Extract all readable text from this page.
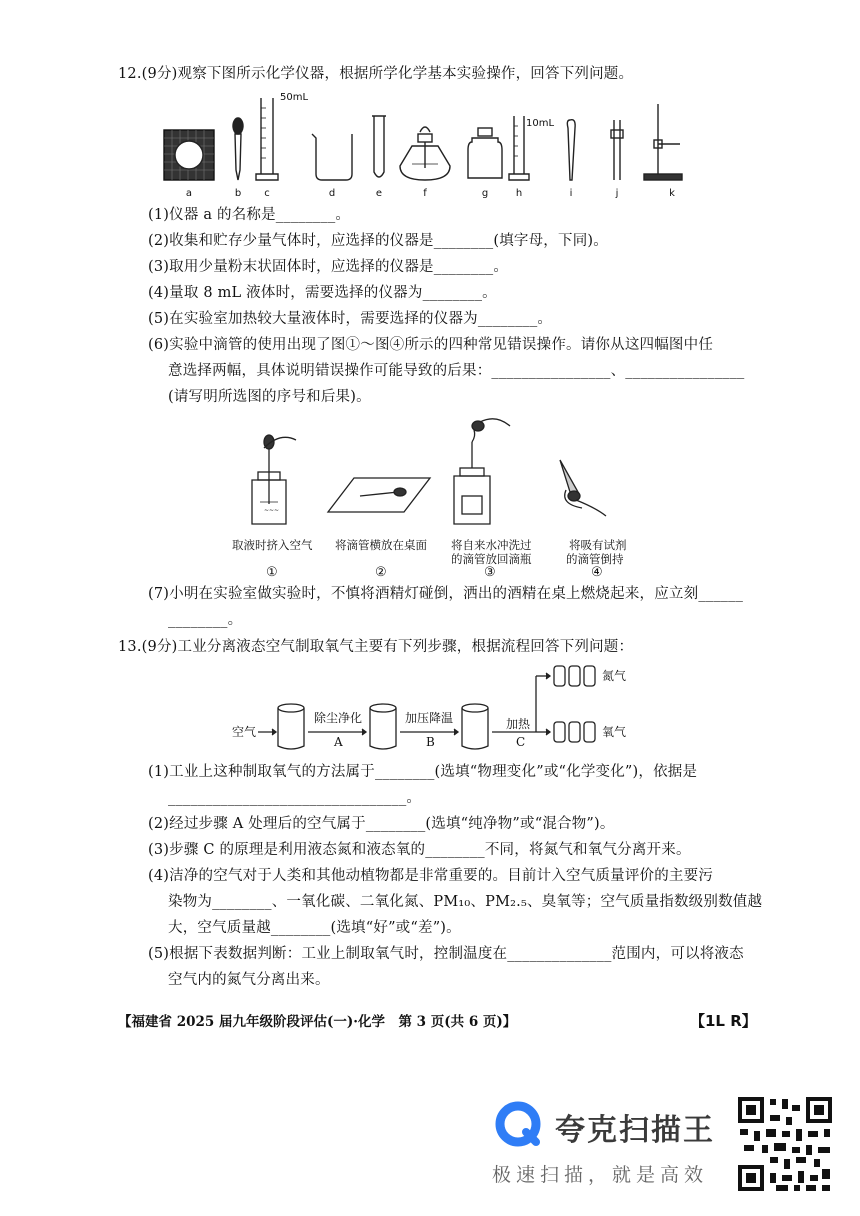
12.(9分)观察下图所示化学仪器，根据所学化学基本实验操作，回答下列问题。
50mL
10mL
a	b c	d	e	f	g	h	i	j	k
(1)仪器 a 的名称是________。
(2)收集和贮存少量气体时，应选择的仪器是________(填字母，下同)。
(3)取用少量粉末状固体时，应选择的仪器是________。
(4)量取 8 mL 液体时，需要选择的仪器为________。
(5)在实验室加热较大量液体时，需要选择的仪器为________。
(6)实验中滴管的使用出现了图①～图④所示的四种常见错误操作。请你从这四幅图中任
意选择两幅，具体说明错误操作可能导致的后果：________________、________________
(请写明所选图的序号和后果)。
~~~
取液时挤入空气 将滴管横放在桌面 将自来水冲洗过
的滴管放回滴瓶
将吸有试剂
的滴管倒持
①	②	③	④
(7)小明在实验室做实验时，不慎将酒精灯碰倒，洒出的酒精在桌上燃烧起来，应立刻______
________。
13.(9分)工业分离液态空气制取氧气主要有下列步骤，根据流程回答下列问题：
空气
除尘净化
A
加压降温
B
加热
C
氮气
氧气
(1)工业上这种制取氧气的方法属于________(选填“物理变化”或“化学变化”)，依据是
________________________________。
(2)经过步骤 A 处理后的空气属于________(选填“纯净物”或“混合物”)。
(3)步骤 C 的原理是利用液态氮和液态氧的________不同，将氮气和氧气分离开来。
(4)洁净的空气对于人类和其他动植物都是非常重要的。目前计入空气质量评价的主要污
染物为________、一氧化碳、二氧化氮、PM₁₀、PM₂.₅、臭氧等；空气质量指数级别数值越
大，空气质量越________(选填“好”或“差”)。
(5)根据下表数据判断：工业上制取氧气时，控制温度在______________范围内，可以将液态
空气内的氮气分离出来。
【福建省 2025 届九年级阶段评估(一)·化学　第 3 页(共 6 页)】	【1L R】
夸克扫描王
极速扫描，就是高效
